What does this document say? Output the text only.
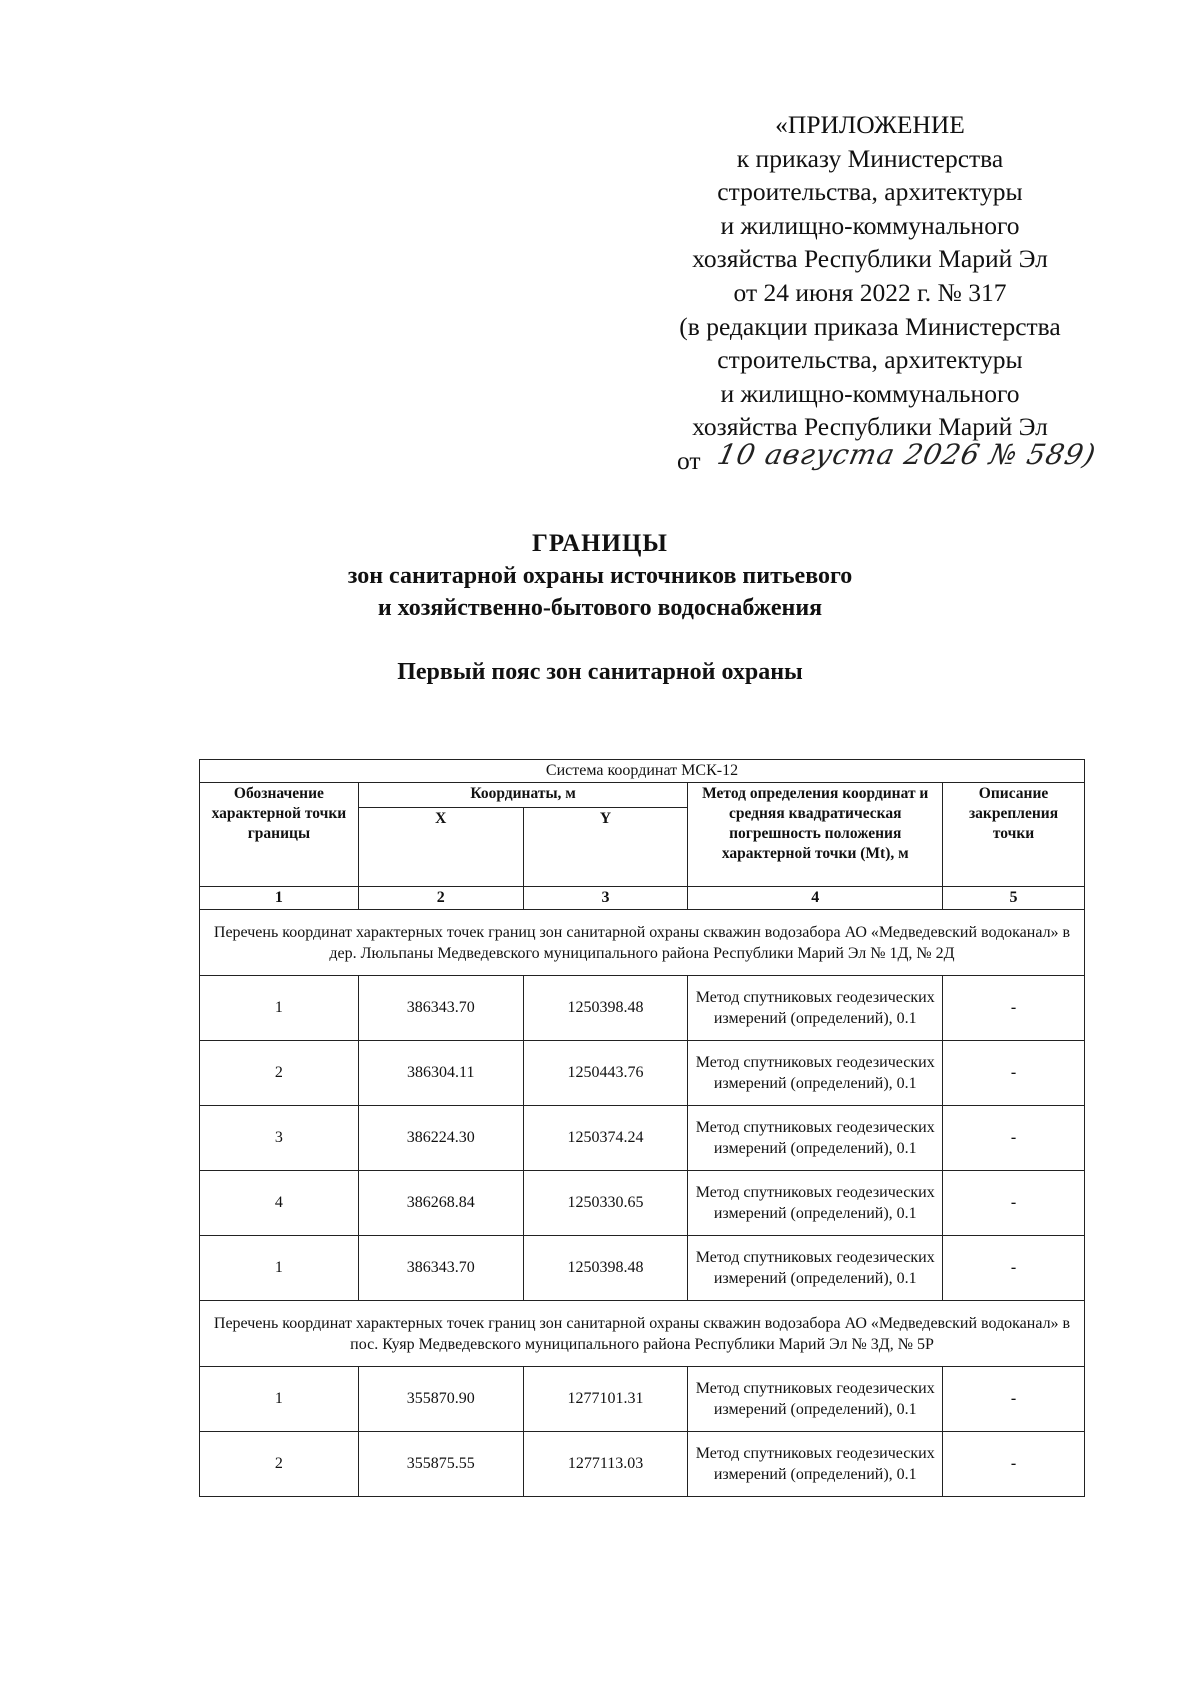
«ПРИЛОЖЕНИЕ
к приказу Министерства
строительства, архитектуры
и жилищно-коммунального
хозяйства Республики Марий Эл
от 24 июня 2022 г. № 317
(в редакции приказа Министерства
строительства, архитектуры
и жилищно-коммунального
хозяйства Республики Марий Эл
от 10 августа 2026 № 589)
ГРАНИЦЫ
зон санитарной охраны источников питьевого
и хозяйственно-бытового водоснабжения
Первый пояс зон санитарной охраны
Система координат МСК-12				
Обозначение характерной точки границы	Координаты, м		Метод определения координат и средняя квадратическая погрешность положения характерной точки (Mt), м	Описание закрепления точки
	X	Y		
1	2	3	4	5
Перечень координат характерных точек границ зон санитарной охраны скважин водозабора АО «Медведевский водоканал» в дер. Люльпаны Медведевского муниципального района Республики Марий Эл № 1Д, № 2Д				
1	386343.70	1250398.48	Метод спутниковых геодезических измерений (определений), 0.1	-
2	386304.11	1250443.76	Метод спутниковых геодезических измерений (определений), 0.1	-
3	386224.30	1250374.24	Метод спутниковых геодезических измерений (определений), 0.1	-
4	386268.84	1250330.65	Метод спутниковых геодезических измерений (определений), 0.1	-
1	386343.70	1250398.48	Метод спутниковых геодезических измерений (определений), 0.1	-
Перечень координат характерных точек границ зон санитарной охраны скважин водозабора АО «Медведевский водоканал» в пос. Куяр Медведевского муниципального района Республики Марий Эл № 3Д, № 5Р				
1	355870.90	1277101.31	Метод спутниковых геодезических измерений (определений), 0.1	-
2	355875.55	1277113.03	Метод спутниковых геодезических измерений (определений), 0.1	-
